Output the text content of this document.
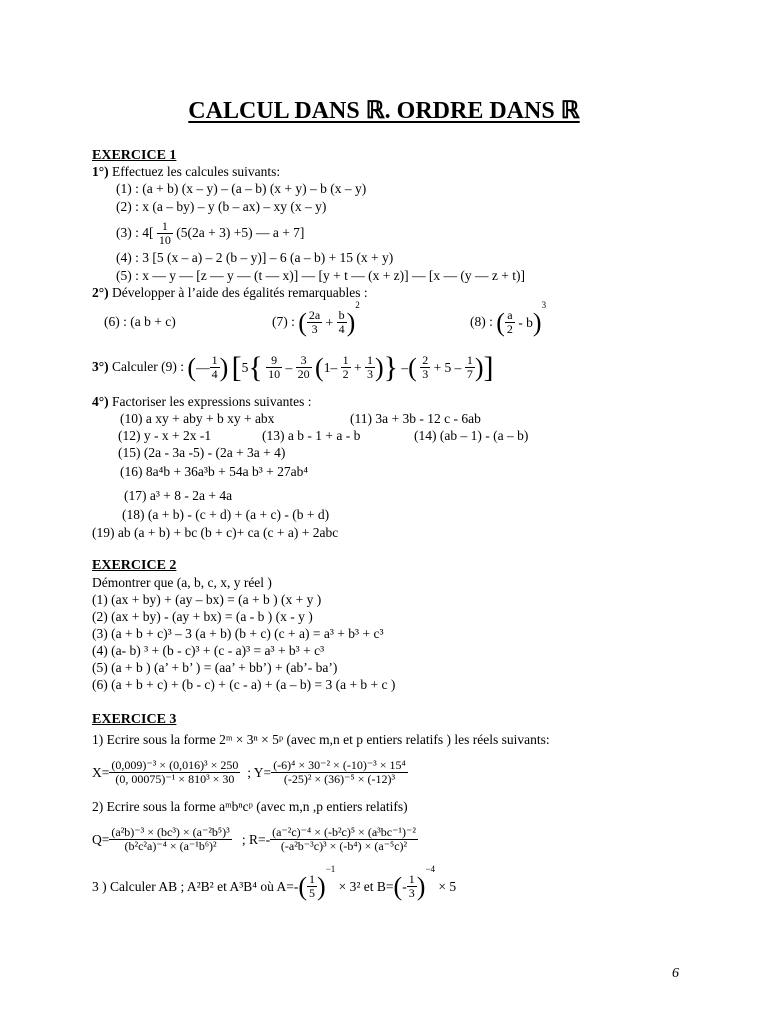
CALCUL DANS ℝ. ORDRE DANS ℝ
EXERCICE 1
1°) Effectuez les calcules suivants:
(1) : (a + b) (x – y) – (a – b) (x + y) – b (x – y)
(2) : x (a – by) – y (b – ax) – xy (x – y)
(3) : $4[ \frac{1}{10} (5(2a + 3) +5)$ — a + 7]
(4) : 3 [5 (x – a) – 2 (b – y)] – 6 (a – b) + 15 (x + y)
(5) : x — y — [z — y — (t — x)] — [y + t — (x + z)] — [x — (y — z + t)]
2°) Développer à l’aide des égalités remarquables :
(6) : (a b + c)	(7) : ( $\frac{2a}{3} + \frac{b}{4} )^2$
(8) : ( $\frac{a}{2} - b)^3$
3°) Calculer (9) : (— $\frac{1}{4}$ ) [$5\{ \frac{9}{10} - \frac{3}{20} (1- \frac{1}{2} + \frac{1}{3}$ )} –( $\frac{2}{3} + 5 - \frac{1}{7}$ )]
4°) Factoriser les expressions suivantes :
(10) a xy + aby + b xy + abx	(11) 3a + 3b - 12 c - 6ab
(12) y - x + 2x -1	(13) a b - 1 + a - b	(14) (ab – 1) - (a – b)
(15) (2a - 3a -5) - (2a + 3a + 4)
(16) 8a⁴b + 36a³b + 54a b³ + 27ab⁴
(17) a³ + 8 - 2a + 4a
(18) (a + b) - (c + d) + (a + c) - (b + d)
(19) ab (a + b) + bc (b + c)+ ca (c + a) + 2abc
EXERCICE 2
Démontrer que (a, b, c, x, y réel )
(1) (ax + by) + (ay – bx) = (a + b ) (x + y )
(2) (ax + by) - (ay + bx) = (a - b ) (x - y )
(3) (a + b + c)³ – 3 (a + b) (b + c) (c + a) = a³ + b³ + c³
(4) (a- b) ³ + (b - c)³ + (c - a)³ = a³ + b³ + c³
(5) (a + b ) (a’ + b’ ) = (aa’ + bb’) + (ab’- ba’)
(6) (a + b + c) + (b - c) + (c - a) + (a – b) = 3 (a + b + c )
EXERCICE 3
1) Ecrire sous la forme 2ᵐ × 3ⁿ × 5ᵖ (avec m,n et p entiers relatifs ) les réels suivants:
$X= \frac{\text{(0,009)⁻³ × (0,016)³ × 250}}{\text{(0, 00075)⁻¹ × 810³ × 30}}$ ; $Y= \frac{\text{(-6)⁴ × 30⁻² × (-10)⁻³ × 15⁴}}{\text{(-25)² × (36)⁻⁵ × (-12)³}}$
2) Ecrire sous la forme aᵐbⁿcᵖ (avec m,n ,p entiers relatifs)
$Q= \frac{\text{(a²b)⁻³ × (bc³) × (a⁻²b⁵)³}}{\text{(b²c²a)⁻⁴ × (a⁻¹b⁶)²}}$ ; $R=- \frac{\text{(a⁻²c)⁻⁴ × (-b²c)⁵ × (a³bc⁻¹)⁻²}}{\text{(-a²b⁻³c)³ × (-b⁴) × (a⁻⁵c)²}}$
3 ) Calculer AB ; A²B² et A³B⁴ où $A=-( \frac{1}{5} )^{-1} \times 3^2$ et $B=(- \frac{1}{3} )^{-4} \times 5$
6
